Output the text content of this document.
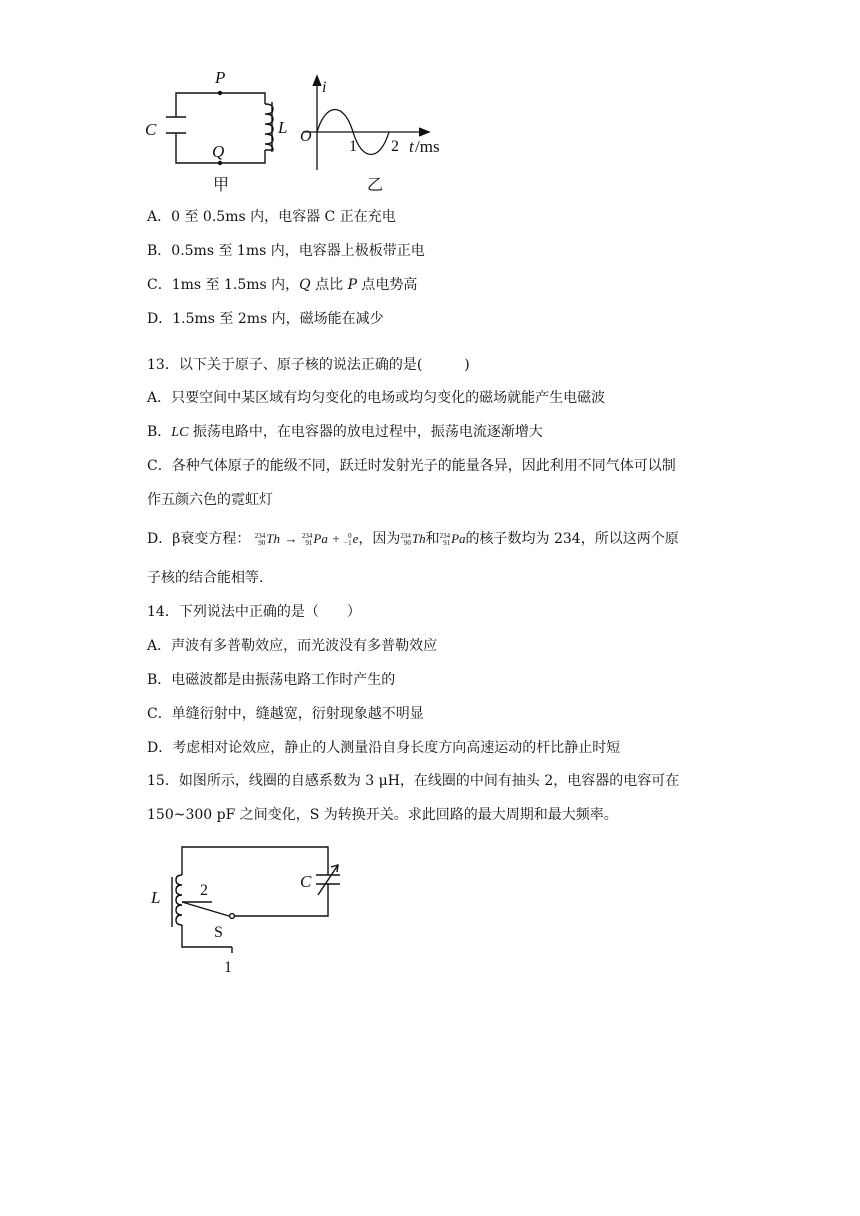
P
Q
C	L
甲
i
O
1 2 t /ms
乙
A．0 至 0.5ms 内，电容器 C 正在充电
B．0.5ms 至 1ms 内，电容器上极板带正电
C．1ms 至 1.5ms 内，Q 点比 P 点电势高
D．1.5ms 至 2ms 内，磁场能在减少
13．以下关于原子、原子核的说法正确的是(　　　)
A．只要空间中某区域有均匀变化的电场或均匀变化的磁场就能产生电磁波
B．LC 振荡电路中，在电容器的放电过程中，振荡电流逐渐增大
C．各种气体原子的能级不同，跃迁时发射光子的能量各异，因此利用不同气体可以制
作五颜六色的霓虹灯
D．β衰变方程： 234
90 Th → 234
91 Pa +	0
−1 e，因为 234
90 Th和 234
91 Pa的核子数均为 234，所以这两个原
子核的结合能相等.
14．下列说法中正确的是（　　）
A．声波有多普勒效应，而光波没有多普勒效应
B．电磁波都是由振荡电路工作时产生的
C．单缝衍射中，缝越宽，衍射现象越不明显
D．考虑相对论效应，静止的人测量沿自身长度方向高速运动的杆比静止时短
15．如图所示，线圈的自感系数为 3 μH，在线圈的中间有抽头 2，电容器的电容可在
150~300 pF 之间变化，S 为转换开关。求此回路的最大周期和最大频率。
L
C
2
S
1
